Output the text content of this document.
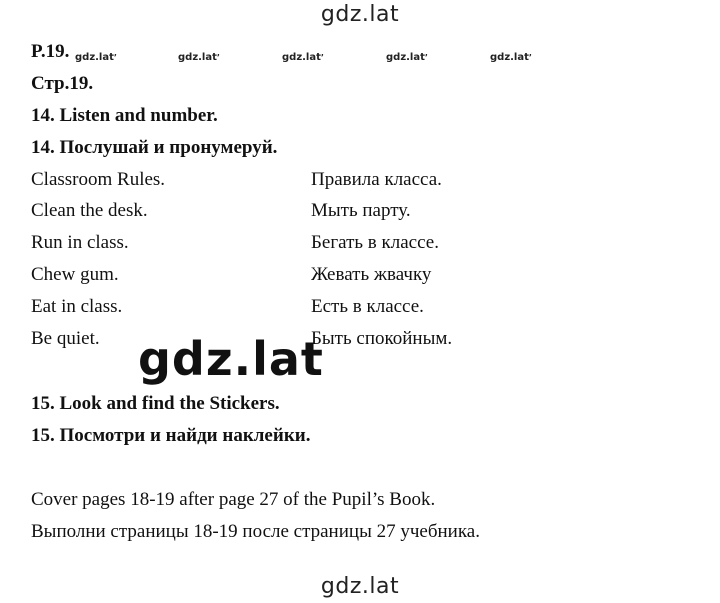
gdz.lat
P.19. gdz.lat ’	gdz.lat ’	gdz.lat ’	gdz.lat ’	gdz.lat ’
Стр.19.
14. Listen and number.
14. Послушай и пронумеруй.
Classroom Rules.	Правила класса.
Clean the desk.	Мыть парту.
Run in class.	Бегать в классе.
Chew gum.	Жевать жвачку
Eat in class.	Есть в классе.
Be quiet.	Быть спокойным.
gdz.lat
15. Look and find the Stickers.
15. Посмотри и найди наклейки.
Cover pages 18-19 after page 27 of the Pupil’s Book.
Выполни страницы 18-19 после страницы 27 учебника.
gdz.lat
